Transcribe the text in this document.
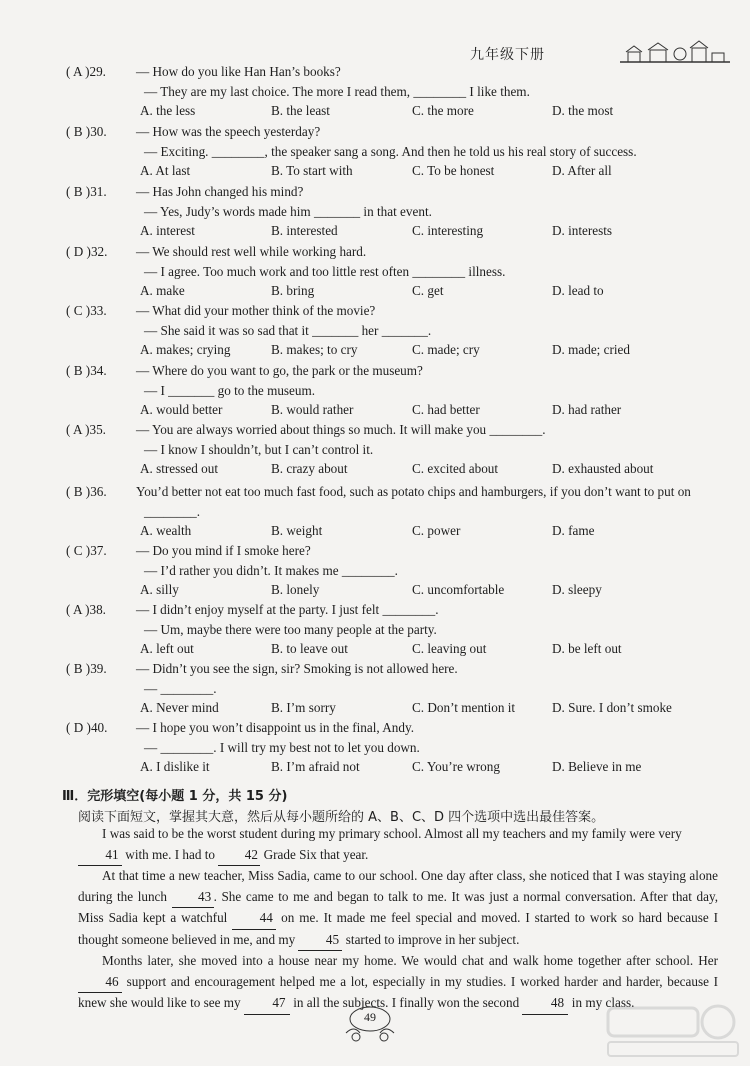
九年级下册
( A )29. — How do you like Han Han’s books?
— They are my last choice. The more I read them, ________ I like them.
A. the less	B. the least	C. the more	D. the most
( B )30. — How was the speech yesterday?
— Exciting. ________, the speaker sang a song. And then he told us his real story of success.
A. At last	B. To start with	C. To be honest	D. After all
( B )31. — Has John changed his mind?
— Yes, Judy’s words made him _______ in that event.
A. interest	B. interested	C. interesting	D. interests
( D )32. — We should rest well while working hard.
— I agree. Too much work and too little rest often ________ illness.
A. make	B. bring	C. get	D. lead to
( C )33. — What did your mother think of the movie?
— She said it was so sad that it _______ her _______.
A. makes; crying	B. makes; to cry	C. made; cry	D. made; cried
( B )34. — Where do you want to go, the park or the museum?
— I _______ go to the museum.
A. would better	B. would rather	C. had better	D. had rather
( A )35. — You are always worried about things so much. It will make you ________.
— I know I shouldn’t, but I can’t control it.
A. stressed out	B. crazy about	C. excited about	D. exhausted about
( B )36. You’d better not eat too much fast food, such as potato chips and hamburgers, if you don’t want to put on
________.
A. wealth	B. weight	C. power	D. fame
( C )37. — Do you mind if I smoke here?
— I’d rather you didn’t. It makes me ________.
A. silly	B. lonely	C. uncomfortable	D. sleepy
( A )38. — I didn’t enjoy myself at the party. I just felt ________.
— Um, maybe there were too many people at the party.
A. left out	B. to leave out	C. leaving out	D. be left out
( B )39. — Didn’t you see the sign, sir? Smoking is not allowed here.
— ________.
A. Never mind	B. I’m sorry	C. Don’t mention it	D. Sure. I don’t smoke
( D )40. — I hope you won’t disappoint us in the final, Andy.
— ________. I will try my best not to let you down.
A. I dislike it	B. I’m afraid not	C. You’re wrong	D. Believe in me
Ⅲ．完形填空(每小题 1 分，共 15 分)
阅读下面短文，掌握其大意，然后从每小题所给的 A、B、C、D 四个选项中选出最佳答案。

I was said to be the worst student during my primary school. Almost all my teachers and my family were very
41 with me. I had to 42 Grade Six that year.

At that time a new teacher, Miss Sadia, came to our school. One day after class, she noticed that I was staying alone during the lunch 43 . She came to me and began to talk to me. It was just a normal conversation. After that day, Miss Sadia kept a watchful 44 on me. It made me feel special and moved. I started to work so hard because I thought someone believed in me, and my 45 started to improve in her subject.

Months later, she moved into a house near my home. We would chat and walk home together after school. Her 46 support and encouragement helped me a lot, especially in my studies. I worked harder and harder, because I knew she would like to see my 47 in all the subjects. I finally won the second 48 in my class.

49
